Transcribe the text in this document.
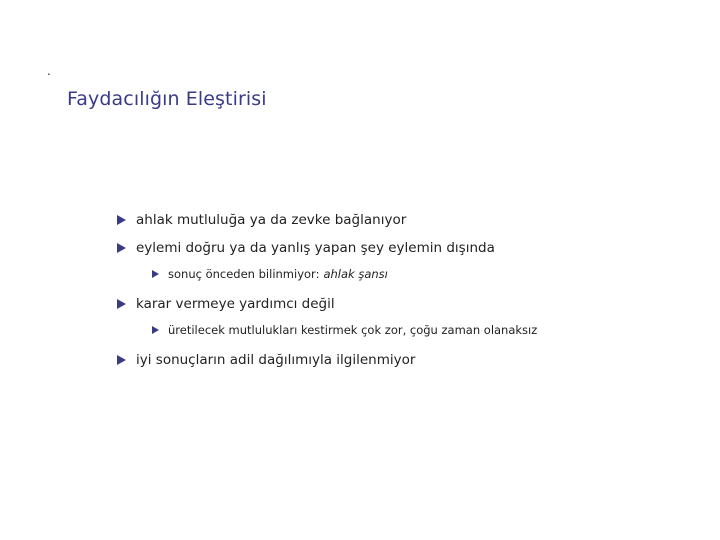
.
Faydacılığın Eleştirisi
ahlak mutluluğa ya da zevke bağlanıyor
eylemi doğru ya da yanlış yapan şey eylemin dışında
sonuç önceden bilinmiyor: ahlak şansı
karar vermeye yardımcı değil
üretilecek mutlulukları kestirmek çok zor, çoğu zaman olanaksız
iyi sonuçların adil dağılımıyla ilgilenmiyor
